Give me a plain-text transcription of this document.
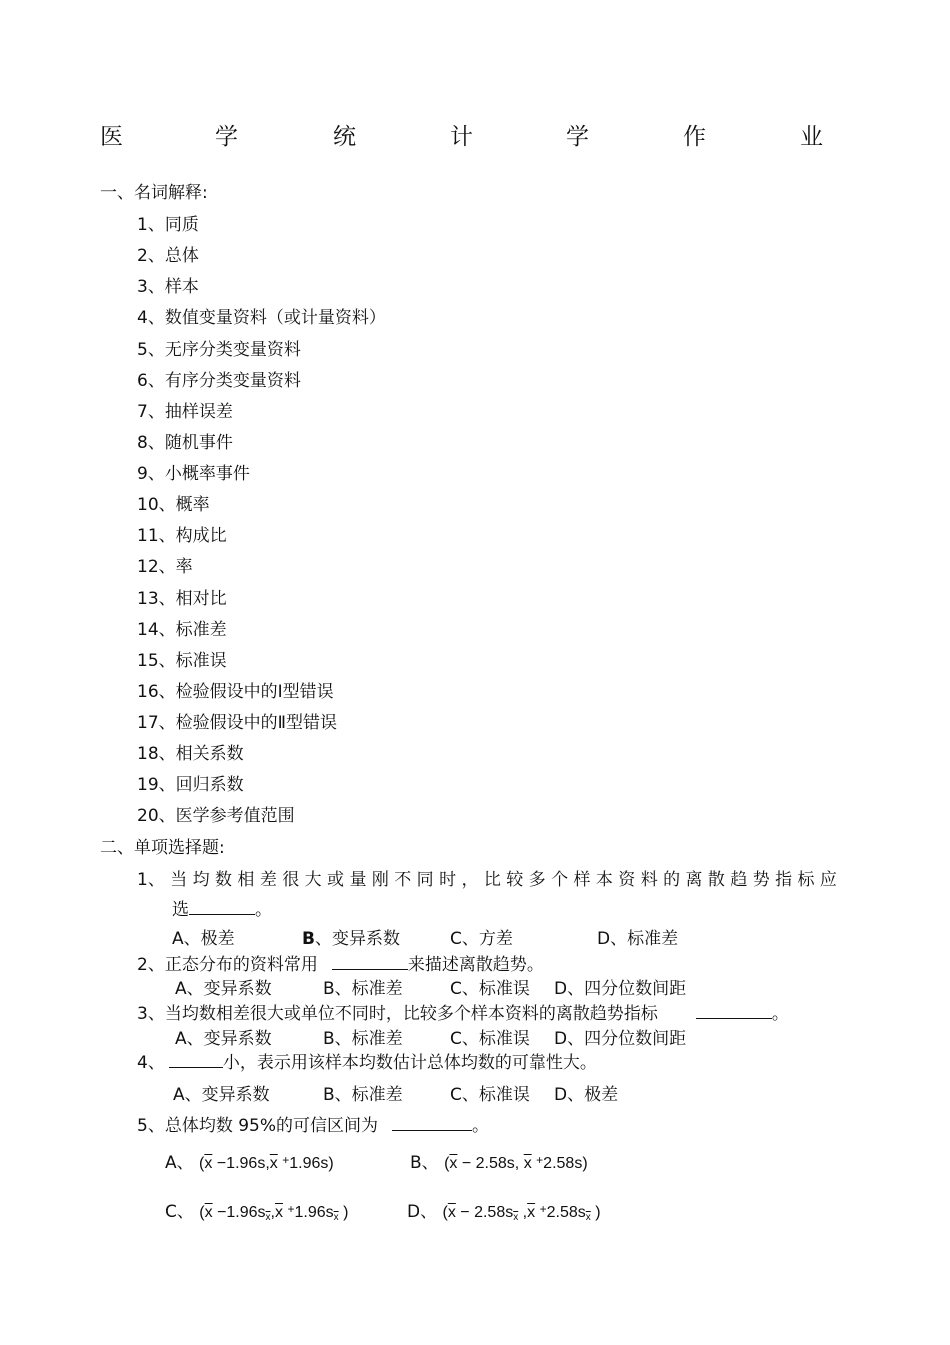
医	学	统	计	学	作	业
一、名词解释:
1、同质
2、总体
3、样本
4、数值变量资料（或计量资料）
5、无序分类变量资料
6、有序分类变量资料
7、抽样误差
8、随机事件
9、小概率事件
10、概率
11、构成比
12、率
13、相对比
14、标准差
15、标准误
16、检验假设中的Ⅰ型错误
17、检验假设中的Ⅱ型错误
18、相关系数
19、回归系数
20、医学参考值范围
二、单项选择题:
1、 当 均 数 相 差 很 大 或 量 刚 不 同 时 ， 比 较 多 个 样 本 资 料 的 离 散 趋 势 指 标 应
选	。
A、极差	B、变异系数	C、方差	D、标准差
2、正态分布的资料常用	来描述离散趋势。
A、变异系数	B、标准差	C、标准误 D、四分位数间距
3、当均数相差很大或单位不同时，比较多个样本资料的离散趋势指标	。
A、变异系数	B、标准差	C、标准误 D、四分位数间距
4、	小，表示用该样本均数估计总体均数的可靠性大。
A、变异系数	B、标准差	C、标准误 D、极差
5、总体均数 95%的可信区间为	。
A、 ($\overline{x} -1.96s,\overline{x}$ +1.96s)	B、 ($\overline{x} - 2.58s$, $\overline{x}$ +2.58s)
C、 ($\overline{x} -1.96s_{\overline{x}},\overline{x}$ $^+1.96s_{\overline{x}}$ )	D、 ($\overline{x} - 2.58s_{\overline{x}}$ $,\overline{x}$ $^+2.58s_{\overline{x}}$ )
